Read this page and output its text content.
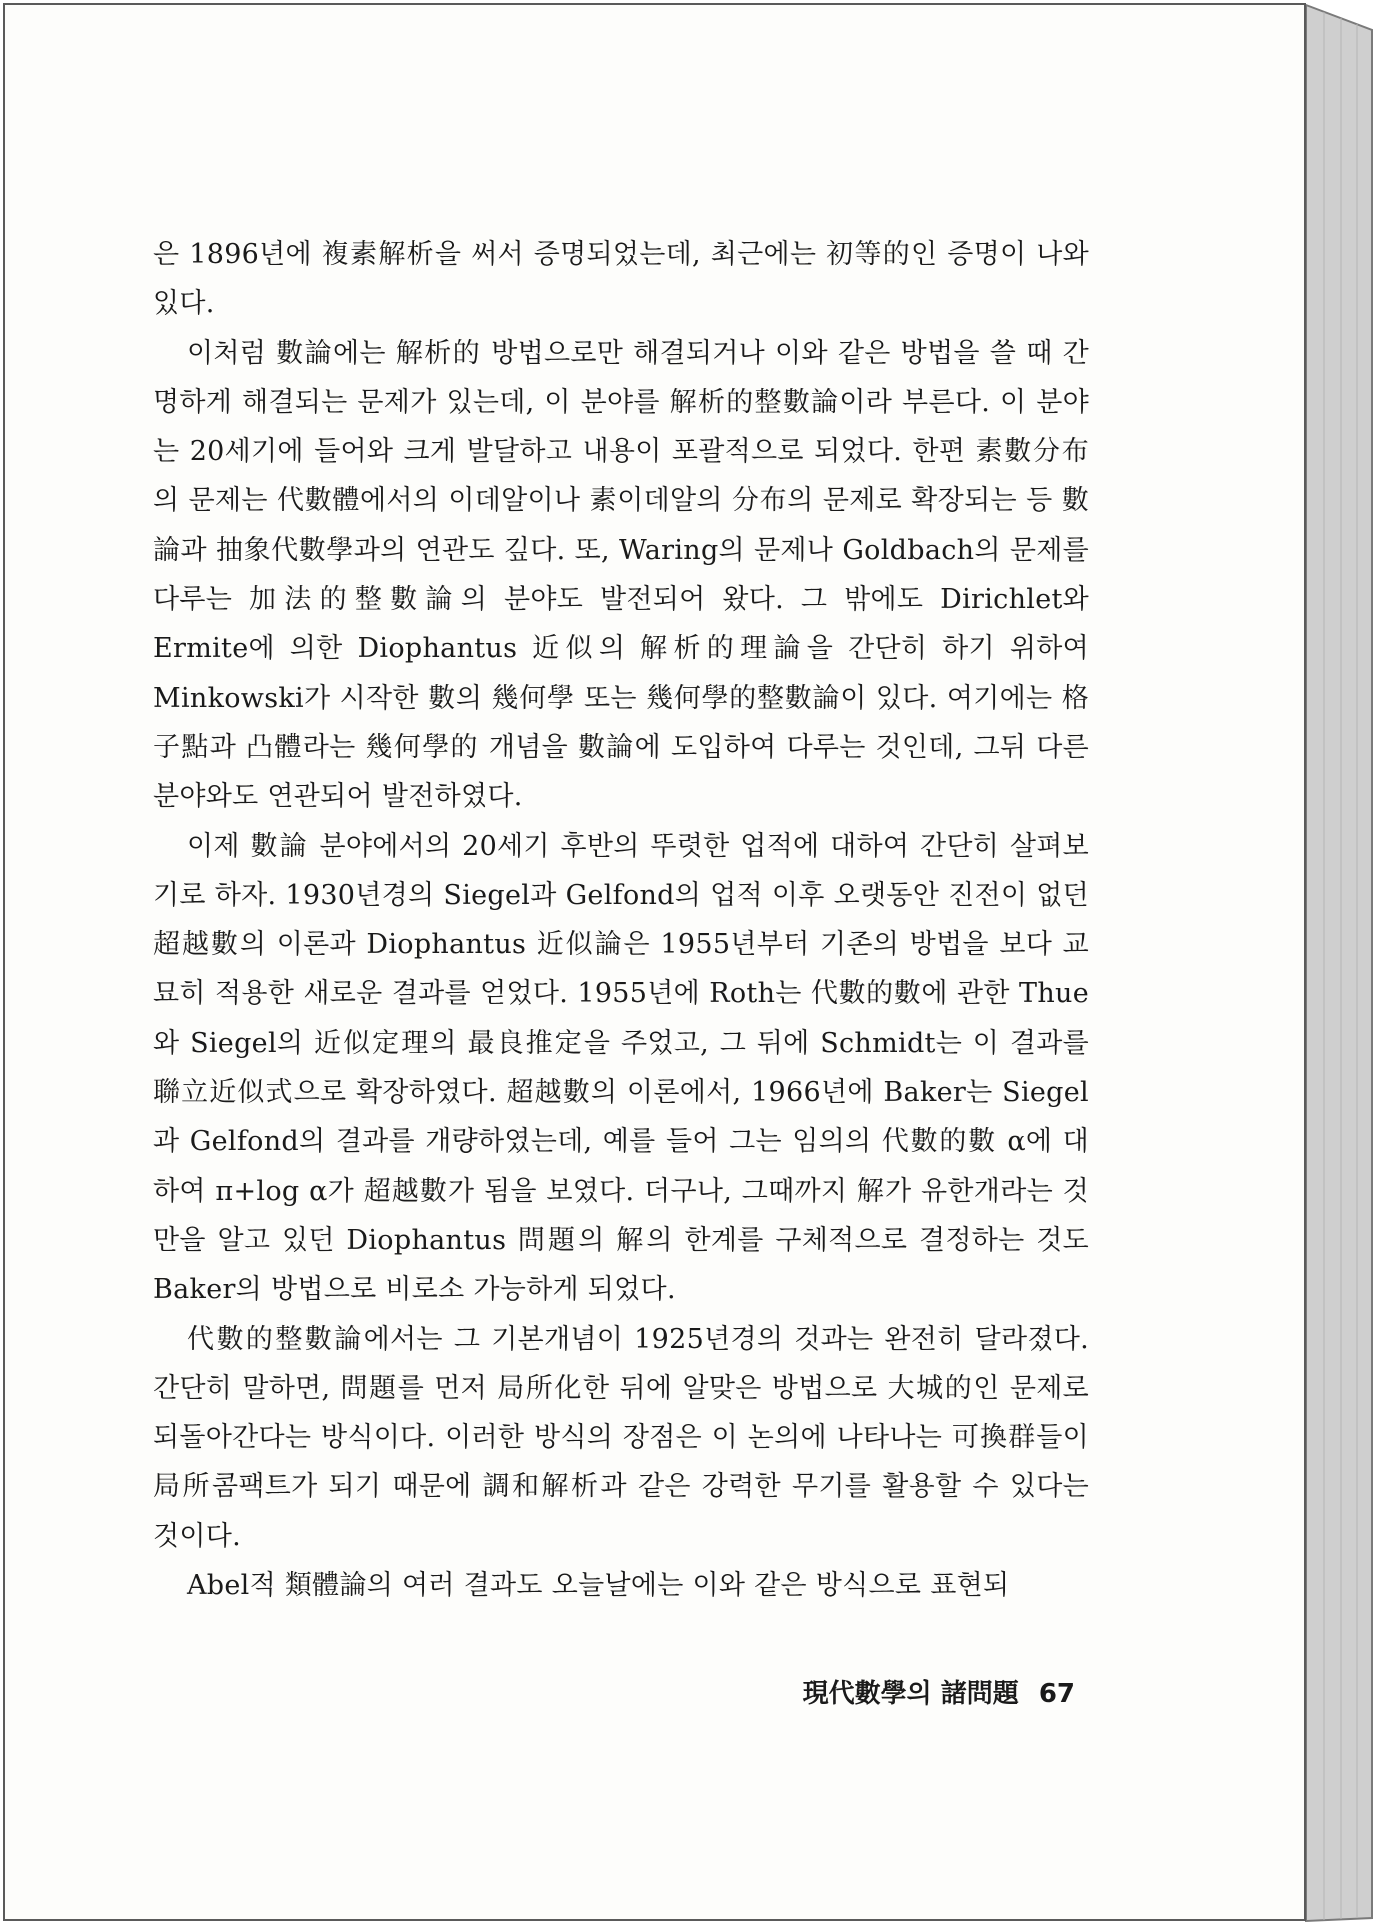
은 1896년에 複素解析을 써서 증명되었는데, 최근에는 初等的인 증명이 나와 있다.

이처럼 數論에는 解析的 방법으로만 해결되거나 이와 같은 방법을 쓸 때 간명하게 해결되는 문제가 있는데, 이 분야를 解析的整數論이라 부른다. 이 분야는 20세기에 들어와 크게 발달하고 내용이 포괄적으로 되었다. 한편 素數分布의 문제는 代數體에서의 이데알이나 素이데알의 分布의 문제로 확장되는 등 數論과 抽象代數學과의 연관도 깊다. 또, Waring의 문제나 Goldbach의 문제를 다루는 加法的整數論의 분야도 발전되어 왔다. 그 밖에도 Dirichlet와 Ermite에 의한 Diophantus 近似의 解析的理論을 간단히 하기 위하여 Minkowski가 시작한 數의 幾何學 또는 幾何學的整數論이 있다. 여기에는 格子點과 凸體라는 幾何學的 개념을 數論에 도입하여 다루는 것인데, 그뒤 다른 분야와도 연관되어 발전하였다.

이제 數論 분야에서의 20세기 후반의 뚜렷한 업적에 대하여 간단히 살펴보기로 하자. 1930년경의 Siegel과 Gelfond의 업적 이후 오랫동안 진전이 없던 超越數의 이론과 Diophantus 近似論은 1955년부터 기존의 방법을 보다 교묘히 적용한 새로운 결과를 얻었다. 1955년에 Roth는 代數的數에 관한 Thue와 Siegel의 近似定理의 最良推定을 주었고, 그 뒤에 Schmidt는 이 결과를 聯立近似式으로 확장하였다. 超越數의 이론에서, 1966년에 Baker는 Siegel과 Gelfond의 결과를 개량하였는데, 예를 들어 그는 임의의 代數的數 α에 대하여 π+log α가 超越數가 됨을 보였다. 더구나, 그때까지 解가 유한개라는 것만을 알고 있던 Diophantus 問題의 解의 한계를 구체적으로 결정하는 것도 Baker의 방법으로 비로소 가능하게 되었다.

代數的整數論에서는 그 기본개념이 1925년경의 것과는 완전히 달라졌다. 간단히 말하면, 問題를 먼저 局所化한 뒤에 알맞은 방법으로 大城的인 문제로 되돌아간다는 방식이다. 이러한 방식의 장점은 이 논의에 나타나는 可換群들이 局所콤팩트가 되기 때문에 調和解析과 같은 강력한 무기를 활용할 수 있다는 것이다.

Abel적 類體論의 여러 결과도 오늘날에는 이와 같은 방식으로 표현되

現代數學의 諸問題 67
